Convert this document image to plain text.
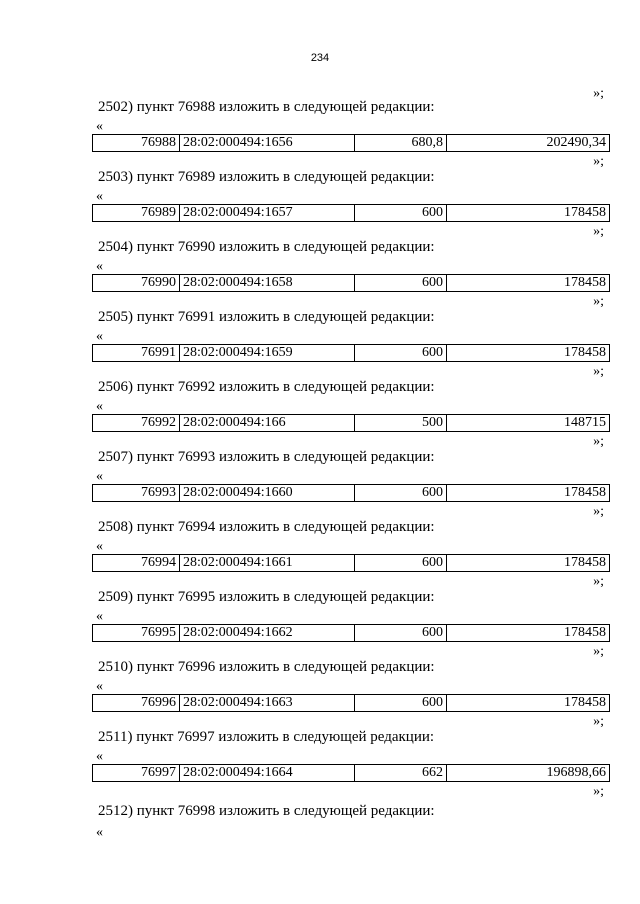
234
»;
2502) пункт 76988 изложить в следующей редакции:
«
76988	28:02:000494:1656	680,8	202490,34
»;
2503) пункт 76989 изложить в следующей редакции:
«
76989	28:02:000494:1657	600	178458
»;
2504) пункт 76990 изложить в следующей редакции:
«
76990	28:02:000494:1658	600	178458
»;
2505) пункт 76991 изложить в следующей редакции:
«
76991	28:02:000494:1659	600	178458
»;
2506) пункт 76992 изложить в следующей редакции:
«
76992	28:02:000494:166	500	148715
»;
2507) пункт 76993 изложить в следующей редакции:
«
76993	28:02:000494:1660	600	178458
»;
2508) пункт 76994 изложить в следующей редакции:
«
76994	28:02:000494:1661	600	178458
»;
2509) пункт 76995 изложить в следующей редакции:
«
76995	28:02:000494:1662	600	178458
»;
2510) пункт 76996 изложить в следующей редакции:
«
76996	28:02:000494:1663	600	178458
»;
2511) пункт 76997 изложить в следующей редакции:
«
76997	28:02:000494:1664	662	196898,66
»;
2512) пункт 76998 изложить в следующей редакции:
«
